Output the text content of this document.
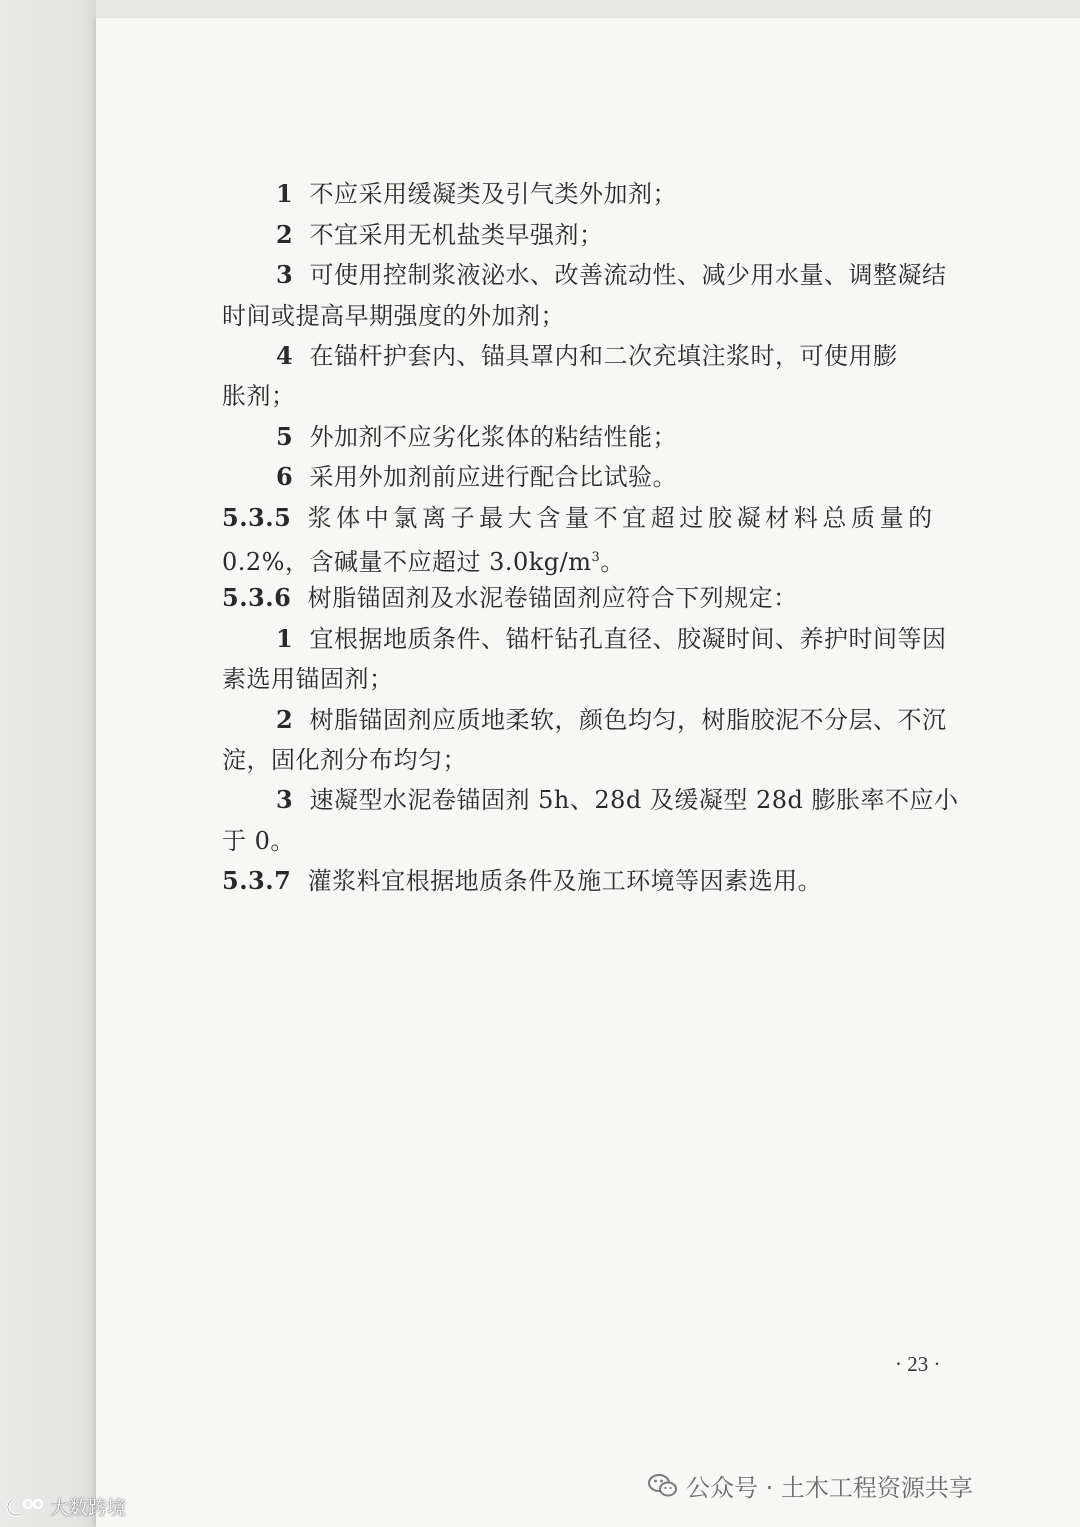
1 不应采用缓凝类及引气类外加剂；
2 不宜采用无机盐类早强剂；
3 可使用控制浆液泌水、改善流动性、减少用水量、调整凝结
时间或提高早期强度的外加剂；
4 在锚杆护套内、锚具罩内和二次充填注浆时，可使用膨
胀剂；
5 外加剂不应劣化浆体的粘结性能；
6 采用外加剂前应进行配合比试验。
5.3.5 浆体中氯离子最大含量不宜超过胶凝材料总质量的
0.2%，含碱量不应超过 $3.0kg/m^3$。
5.3.6 树脂锚固剂及水泥卷锚固剂应符合下列规定：
1 宜根据地质条件、锚杆钻孔直径、胶凝时间、养护时间等因
素选用锚固剂；
2 树脂锚固剂应质地柔软，颜色均匀，树脂胶泥不分层、不沉
淀，固化剂分布均匀；
3 速凝型水泥卷锚固剂 5h、28d 及缓凝型 28d 膨胀率不应小
于 0。
5.3.7 灌浆料宜根据地质条件及施工环境等因素选用。
· 23 ·
公众号 · 土木工程资源共享
大数跨境
